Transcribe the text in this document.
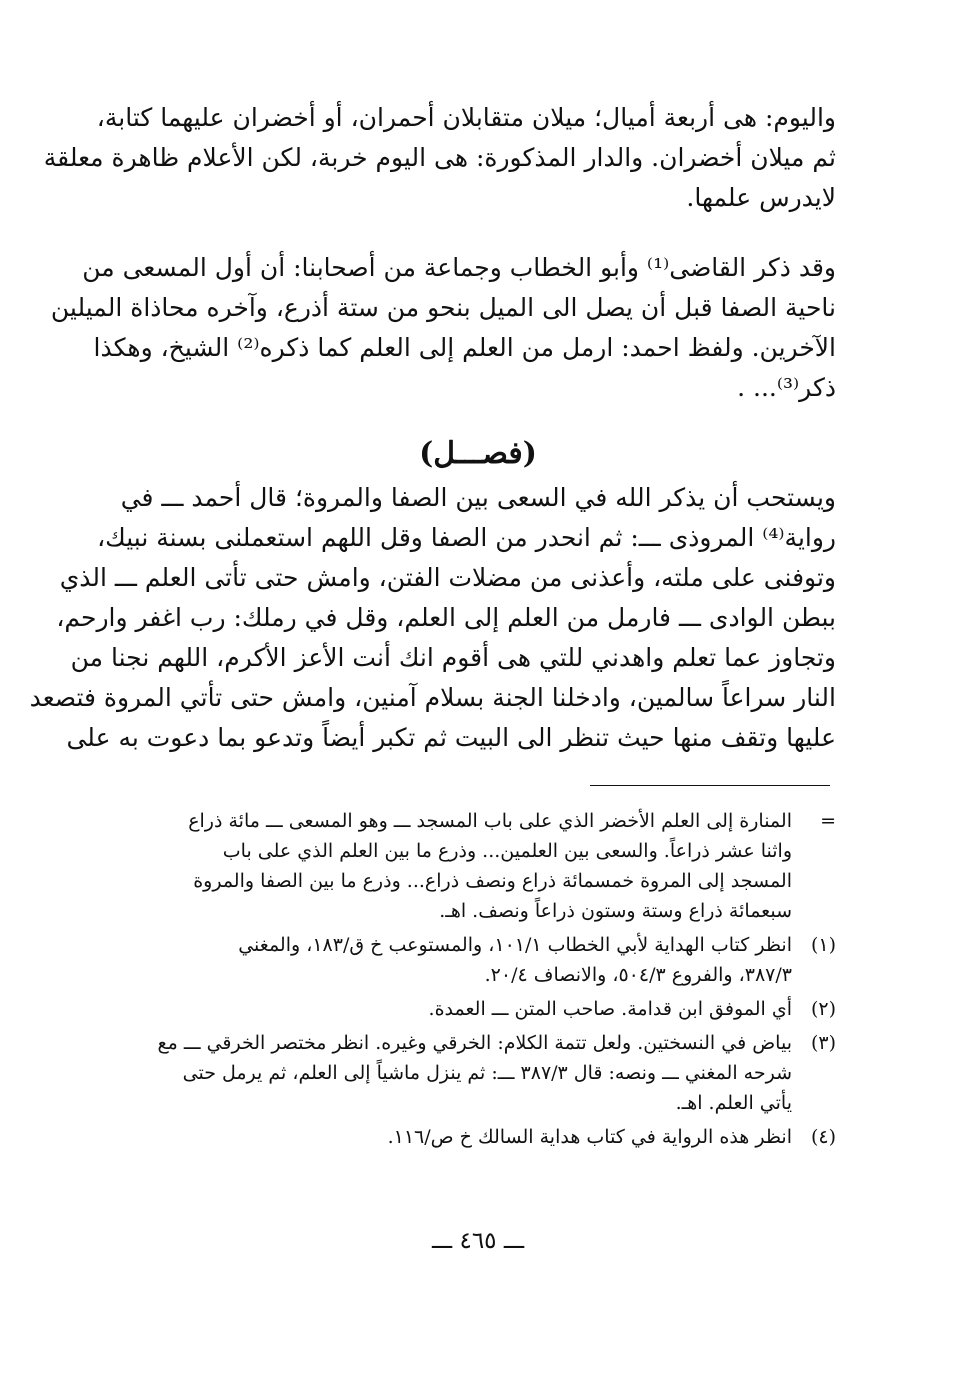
واليوم: هى أربعة أميال؛ ميلان متقابلان أحمران، أو أخضران عليهما كتابة،

ثم ميلان أخضران. والدار المذكورة: هى اليوم خربة، لكن الأعلام ظاهرة معلقة

لايدرس علمها.

وقد ذكر القاضى⁽¹⁾ وأبو الخطاب وجماعة من أصحابنا: أن أول المسعى من

ناحية الصفا قبل أن يصل الى الميل بنحو من ستة أذرع، وآخره محاذاة الميلين

الآخرين. ولفظ احمد: ارمل من العلم إلى العلم كما ذكره⁽²⁾ الشيخ، وهكذا

ذكر⁽³⁾... .

(فصـــل)

ويستحب أن يذكر الله في السعى بين الصفا والمروة؛ قال أحمد ـــ في

رواية⁽⁴⁾ المروذى ـــ: ثم انحدر من الصفا وقل اللهم استعملنى بسنة نبيك،

وتوفنى على ملته، وأعذنى من مضلات الفتن، وامش حتى تأتى العلم ـــ الذي

ببطن الوادى ـــ فارمل من العلم إلى العلم، وقل في رملك: رب اغفر وارحم،

وتجاوز عما تعلم واهدني للتي هى أقوم انك أنت الأعز الأكرم، اللهم نجنا من

النار سراعاً سالمين، وادخلنا الجنة بسلام آمنين، وامش حتى تأتي المروة فتصعد

عليها وتقف منها حيث تنظر الى البيت ثم تكبر أيضاً وتدعو بما دعوت به على

=
المنارة إلى العلم الأخضر الذي على باب المسجد ـــ وهو المسعى ـــ مائة ذراع
واثنا عشر ذراعاً. والسعى بين العلمين... وذرع ما بين العلم الذي على باب
المسجد إلى المروة خمسمائة ذراع ونصف ذراع... وذرع ما بين الصفا والمروة
سبعمائة ذراع وستة وستون ذراعاً ونصف. اهـ.
(١)
انظر كتاب الهداية لأبي الخطاب ١٠١/١، والمستوعب خ ق/١٨٣، والمغني
٣٨٧/٣، والفروع ٥٠٤/٣، والانصاف ٢٠/٤.
(٢)
أي الموفق ابن قدامة. صاحب المتن ـــ العمدة.
(٣)
بياض في النسختين. ولعل تتمة الكلام: الخرقي وغيره. انظر مختصر الخرقي ـــ مع
شرحه المغني ـــ ونصه: قال ٣٨٧/٣ ـــ: ثم ينزل ماشياً إلى العلم، ثم يرمل حتى
يأتي العلم. اهـ.
(٤)
انظر هذه الرواية في كتاب هداية السالك خ ص/١١٦.
ـــ ٤٦٥ ـــ
